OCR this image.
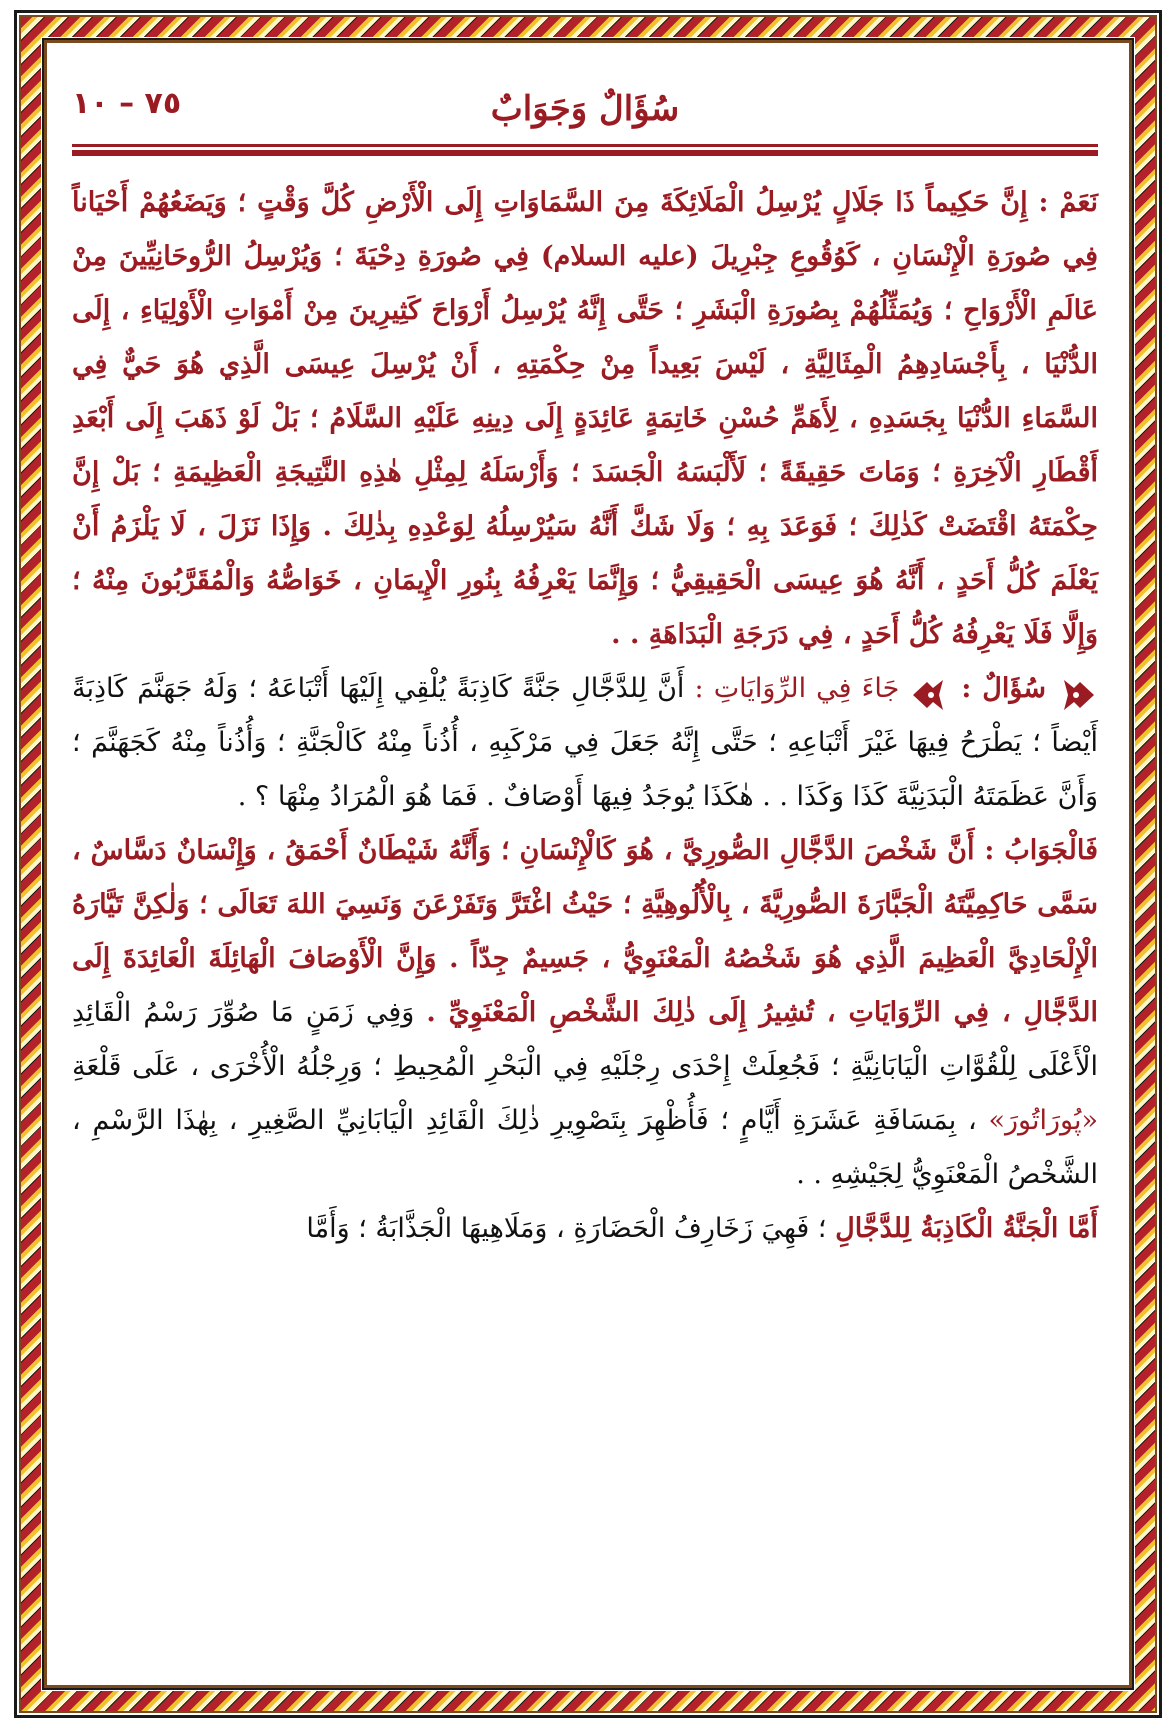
سُؤَالٌ وَجَوَابٌ
٧٥ – ١٠

نَعَمْ : إِنَّ حَكِيماً ذَا جَلَالٍ يُرْسِلُ الْمَلَائِكَةَ مِنَ السَّمَاوَاتِ إِلَى الْأَرْضِ كُلَّ وَقْتٍ ؛ وَيَضَعُهُمْ أَحْيَاناً فِي صُورَةِ الْإِنْسَانِ ، كَوُقُوعِ جِبْرِيلَ (عليه السلام) فِي صُورَةِ دِحْيَةَ ؛ وَيُرْسِلُ الرُّوحَانِيِّينَ مِنْ عَالَمِ الْأَرْوَاحِ ؛ وَيُمَثِّلُهُمْ بِصُورَةِ الْبَشَرِ ؛ حَتَّى إِنَّهُ يُرْسِلُ أَرْوَاحَ كَثِيرِينَ مِنْ أَمْوَاتِ الْأَوْلِيَاءِ ، إِلَى الدُّنْيَا ، بِأَجْسَادِهِمُ الْمِثَالِيَّةِ ، لَيْسَ بَعِيداً مِنْ حِكْمَتِهِ ، أَنْ يُرْسِلَ عِيسَى الَّذِي هُوَ حَيٌّ فِي السَّمَاءِ الدُّنْيَا بِجَسَدِهِ ، لِأَهَمِّ حُسْنِ خَاتِمَةٍ عَائِدَةٍ إِلَى دِينِهِ عَلَيْهِ السَّلَامُ ؛ بَلْ لَوْ ذَهَبَ إِلَى أَبْعَدِ أَقْطَارِ الْآخِرَةِ ؛ وَمَاتَ حَقِيقَةً ؛ لَأَلْبَسَهُ الْجَسَدَ ؛ وَأَرْسَلَهُ لِمِثْلِ هٰذِهِ النَّتِيجَةِ الْعَظِيمَةِ ؛ بَلْ إِنَّ حِكْمَتَهُ اقْتَضَتْ كَذٰلِكَ ؛ فَوَعَدَ بِهِ ؛ وَلَا شَكَّ أَنَّهُ سَيُرْسِلُهُ لِوَعْدِهِ بِذٰلِكَ . وَإِذَا نَزَلَ ، لَا يَلْزَمُ أَنْ يَعْلَمَ كُلُّ أَحَدٍ ، أَنَّهُ هُوَ عِيسَى الْحَقِيقِيُّ ؛ وَإِنَّمَا يَعْرِفُهُ بِنُورِ الْإِيمَانِ ، خَوَاصُّهُ وَالْمُقَرَّبُونَ مِنْهُ ؛ وَإِلَّا فَلَا يَعْرِفُهُ كُلُّ أَحَدٍ ، فِي دَرَجَةِ الْبَدَاهَةِ . .

سُؤَالٌ : جَاءَ فِي الرِّوَايَاتِ : أَنَّ لِلدَّجَّالِ جَنَّةً كَاذِبَةً يُلْقِي إِلَيْهَا أَتْبَاعَهُ ؛ وَلَهُ جَهَنَّمَ كَاذِبَةً أَيْضاً ؛ يَطْرَحُ فِيهَا غَيْرَ أَتْبَاعِهِ ؛ حَتَّى إِنَّهُ جَعَلَ فِي مَرْكَبِهِ ، أُذُناً مِنْهُ كَالْجَنَّةِ ؛ وَأُذُناً مِنْهُ كَجَهَنَّمَ ؛ وَأَنَّ عَظَمَتَهُ الْبَدَنِيَّةَ كَذَا وَكَذَا . . هٰكَذَا يُوجَدُ فِيهَا أَوْصَافٌ . فَمَا هُوَ الْمُرَادُ مِنْهَا ؟ .

فَالْجَوَابُ : أَنَّ شَخْصَ الدَّجَّالِ الصُّورِيَّ ، هُوَ كَالْإِنْسَانِ ؛ وَأَنَّهُ شَيْطَانٌ أَحْمَقُ ، وَإِنْسَانٌ دَسَّاسٌ ، سَمَّى حَاكِمِيَّتَهُ الْجَبَّارَةَ الصُّورِيَّةَ ، بِالْأُلُوهِيَّةِ ؛ حَيْثُ اغْتَرَّ وَتَفَرْعَنَ وَنَسِيَ اللهَ تَعَالَى ؛ وَلٰكِنَّ تَيَّارَهُ الْإِلْحَادِيَّ الْعَظِيمَ الَّذِي هُوَ شَخْصُهُ الْمَعْنَوِيُّ ، جَسِيمٌ جِدّاً . وَإِنَّ الْأَوْصَافَ الْهَائِلَةَ الْعَائِدَةَ إِلَى الدَّجَّالِ ، فِي الرِّوَايَاتِ ، تُشِيرُ إِلَى ذٰلِكَ الشَّخْصِ الْمَعْنَوِيِّ . وَفِي زَمَنٍ مَا صُوِّرَ رَسْمُ الْقَائِدِ الْأَعْلَى لِلْقُوَّاتِ الْيَابَانِيَّةِ ؛ فَجُعِلَتْ إِحْدَى رِجْلَيْهِ فِي الْبَحْرِ الْمُحِيطِ ؛ وَرِجْلُهُ الْأُخْرَى ، عَلَى قَلْعَةِ «پُورَاتُورَ» ، بِمَسَافَةِ عَشَرَةِ أَيَّامٍ ؛ فَأُظْهِرَ بِتَصْوِيرِ ذٰلِكَ الْقَائِدِ الْيَابَانِيِّ الصَّغِيرِ ، بِهٰذَا الرَّسْمِ ، الشَّخْصُ الْمَعْنَوِيُّ لِجَيْشِهِ . .

أَمَّا الْجَنَّةُ الْكَاذِبَةُ لِلدَّجَّالِ ؛ فَهِيَ زَخَارِفُ الْحَضَارَةِ ، وَمَلَاهِيهَا الْجَذَّابَةُ ؛ وَأَمَّا
